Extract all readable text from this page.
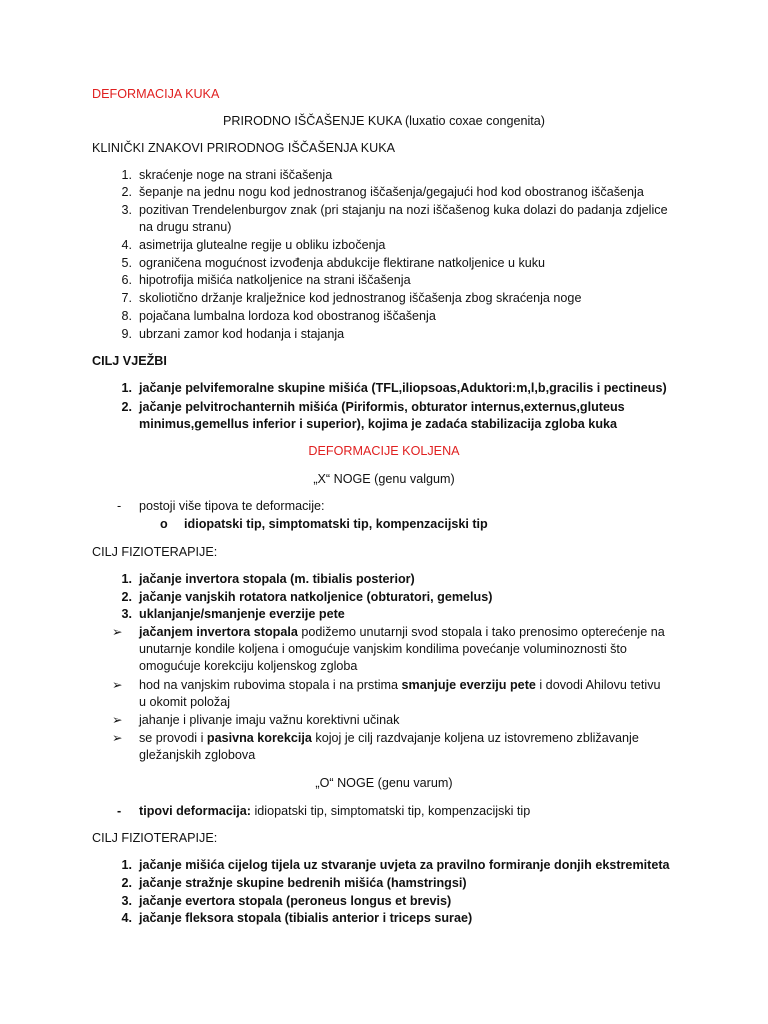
DEFORMACIJA KUKA
PRIRODNO IŠČAŠENJE KUKA (luxatio coxae congenita)
KLINIČKI ZNAKOVI PRIRODNOG IŠČAŠENJA KUKA
1. skraćenje noge na strani iščašenja
2. šepanje na jednu nogu kod jednostranog iščašenja/gegajući hod kod obostranog iščašenja
3. pozitivan Trendelenburgov znak (pri stajanju na nozi iščašenog kuka dolazi do padanja zdjelice
na drugu stranu)
4. asimetrija glutealne regije u obliku izbočenja
5. ograničena mogućnost izvođenja abdukcije flektirane natkoljenice u kuku
6. hipotrofija mišića natkoljenice na strani iščašenja
7. skoliotično držanje kralježnice kod jednostranog iščašenja zbog skraćenja noge
8. pojačana lumbalna lordoza kod obostranog iščašenja
9. ubrzani zamor kod hodanja i stajanja
CILJ VJEŽBI
1. jačanje pelvifemoralne skupine mišića (TFL,iliopsoas,Aduktori:m,l,b,gracilis i pectineus)
2. jačanje pelvitrochanternih mišića (Piriformis, obturator internus,externus,gluteus
minimus,gemellus inferior i superior), kojima je zadaća stabilizacija zgloba kuka
DEFORMACIJE KOLJENA
„X“ NOGE (genu valgum)
- postoji više tipova te deformacije:
o idiopatski tip, simptomatski tip, kompenzacijski tip
CILJ FIZIOTERAPIJE:
1. jačanje invertora stopala (m. tibialis posterior)
2. jačanje vanjskih rotatora natkoljenice (obturatori, gemelus)
3. uklanjanje/smanjenje everzije pete
➢ jačanjem invertora stopala podižemo unutarnji svod stopala i tako prenosimo opterećenje na
unutarnje kondile koljena i omogućuje vanjskim kondilima povećanje voluminoznosti što
omogućuje korekciju koljenskog zgloba
➢ hod na vanjskim rubovima stopala i na prstima smanjuje everziju pete i dovodi Ahilovu tetivu
u okomit položaj
➢ jahanje i plivanje imaju važnu korektivni učinak
➢ se provodi i pasivna korekcija kojoj je cilj razdvajanje koljena uz istovremeno zbližavanje
gležanjskih zglobova
„O“ NOGE (genu varum)
- tipovi deformacija: idiopatski tip, simptomatski tip, kompenzacijski tip
CILJ FIZIOTERAPIJE:
1. jačanje mišića cijelog tijela uz stvaranje uvjeta za pravilno formiranje donjih ekstremiteta
2. jačanje stražnje skupine bedrenih mišića (hamstringsi)
3. jačanje evertora stopala (peroneus longus et brevis)
4. jačanje fleksora stopala (tibialis anterior i triceps surae)
